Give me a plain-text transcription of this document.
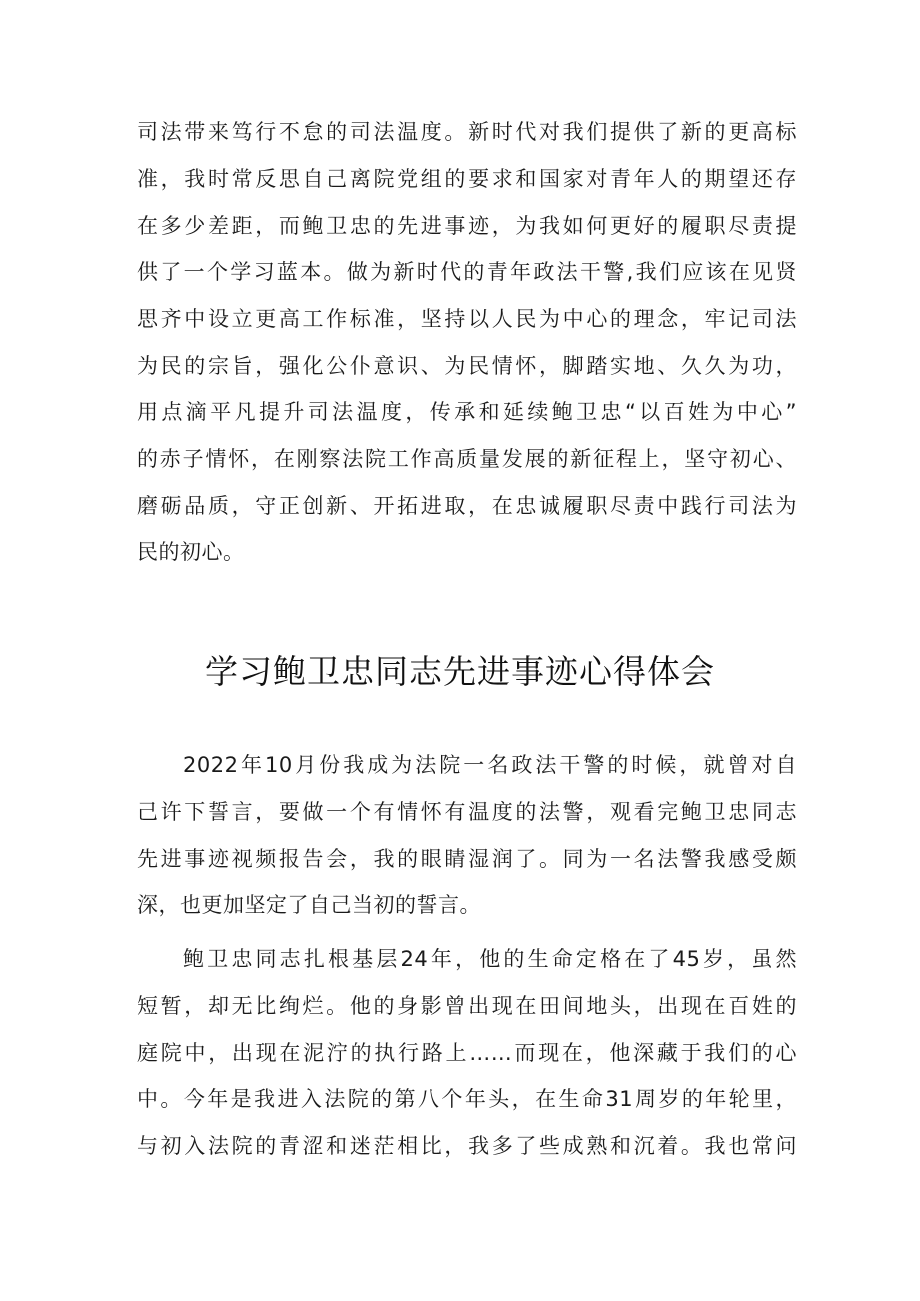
司法带来笃行不怠的司法温度。新时代对我们提供了新的更高标
准，我时常反思自己离院党组的要求和国家对青年人的期望还存
在多少差距，而鲍卫忠的先进事迹，为我如何更好的履职尽责提
供了一个学习蓝本。做为新时代的青年政法干警,我们应该在见贤
思齐中设立更高工作标准，坚持以人民为中心的理念，牢记司法
为民的宗旨，强化公仆意识、为民情怀，脚踏实地、久久为功，
用点滴平凡提升司法温度，传承和延续鲍卫忠“以百姓为中心”
的赤子情怀，在刚察法院工作高质量发展的新征程上，坚守初心、
磨砺品质，守正创新、开拓进取，在忠诚履职尽责中践行司法为
民的初心。
学习鲍卫忠同志先进事迹心得体会
2022年10月份我成为法院一名政法干警的时候，就曾对自
己许下誓言，要做一个有情怀有温度的法警，观看完鲍卫忠同志
先进事迹视频报告会，我的眼睛湿润了。同为一名法警我感受颇
深，也更加坚定了自己当初的誓言。
鲍卫忠同志扎根基层24年，他的生命定格在了45岁，虽然
短暂，却无比绚烂。他的身影曾出现在田间地头，出现在百姓的
庭院中，出现在泥泞的执行路上……而现在，他深藏于我们的心
中。今年是我进入法院的第八个年头，在生命31周岁的年轮里，
与初入法院的青涩和迷茫相比，我多了些成熟和沉着。我也常问
